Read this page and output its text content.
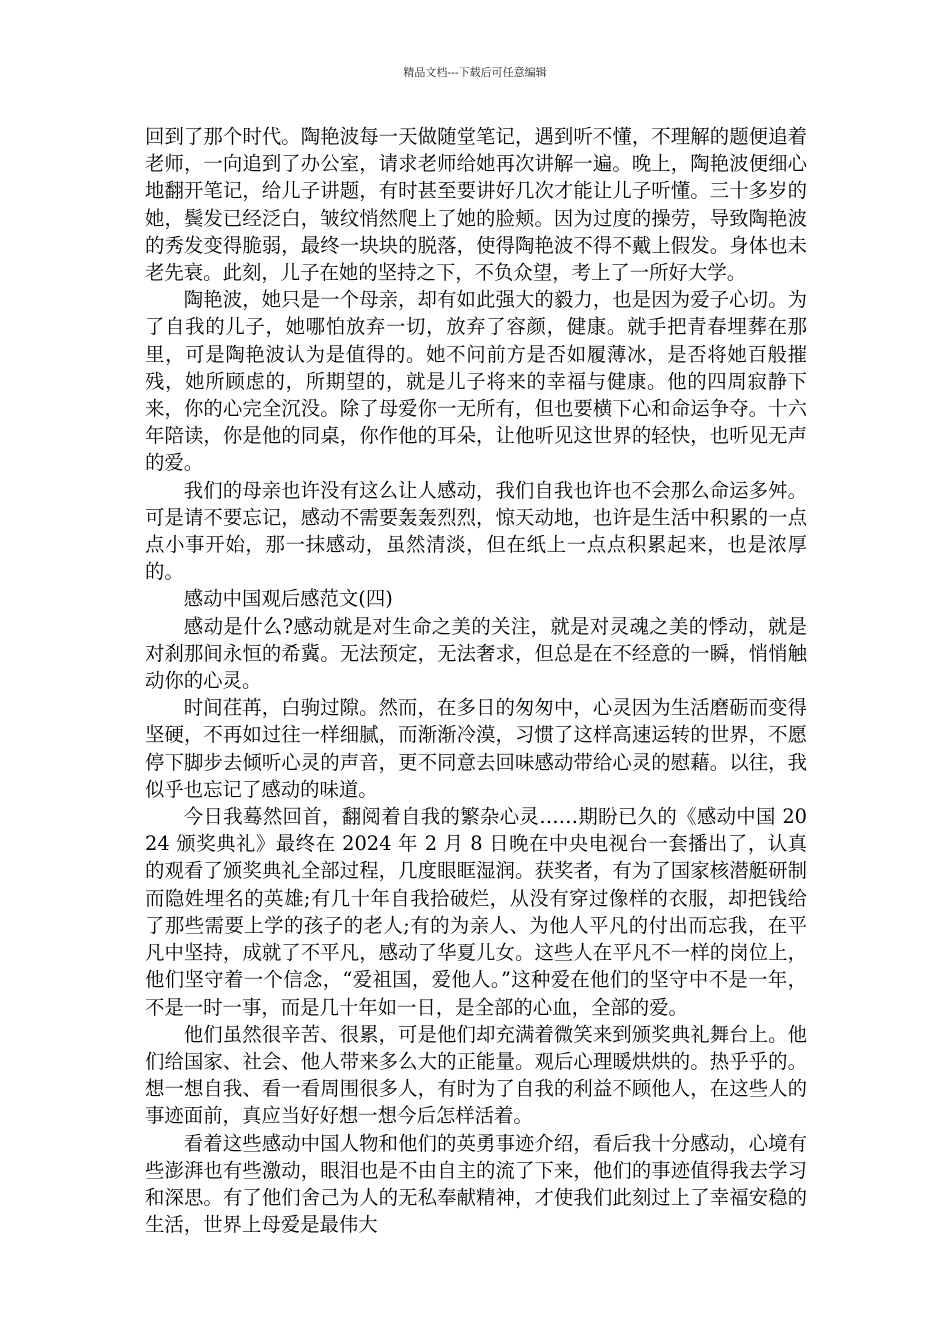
精品文档---下载后可任意编辑

回到了那个时代。陶艳波每一天做随堂笔记，遇到听不懂，不理解的题便追着老师，一向追到了办公室，请求老师给她再次讲解一遍。晚上，陶艳波便细心地翻开笔记，给儿子讲题，有时甚至要讲好几次才能让儿子听懂。三十多岁的她，鬓发已经泛白，皱纹悄然爬上了她的脸颊。因为过度的操劳，导致陶艳波的秀发变得脆弱，最终一块块的脱落，使得陶艳波不得不戴上假发。身体也未老先衰。此刻，儿子在她的坚持之下，不负众望，考上了一所好大学。

陶艳波，她只是一个母亲，却有如此强大的毅力，也是因为爱子心切。为了自我的儿子，她哪怕放弃一切，放弃了容颜，健康。就手把青春埋葬在那里，可是陶艳波认为是值得的。她不问前方是否如履薄冰，是否将她百般摧残，她所顾虑的，所期望的，就是儿子将来的幸福与健康。他的四周寂静下来，你的心完全沉没。除了母爱你一无所有，但也要横下心和命运争夺。十六年陪读，你是他的同桌，你作他的耳朵，让他听见这世界的轻快，也听见无声的爱。

我们的母亲也许没有这么让人感动，我们自我也许也不会那么命运多舛。可是请不要忘记，感动不需要轰轰烈烈，惊天动地，也许是生活中积累的一点点小事开始，那一抹感动，虽然清淡，但在纸上一点点积累起来，也是浓厚的。

感动中国观后感范文(四)

感动是什么?感动就是对生命之美的关注，就是对灵魂之美的悸动，就是对刹那间永恒的希冀。无法预定，无法奢求，但总是在不经意的一瞬，悄悄触动你的心灵。

时间荏苒，白驹过隙。然而，在多日的匆匆中，心灵因为生活磨砺而变得坚硬，不再如过往一样细腻，而渐渐冷漠，习惯了这样高速运转的世界，不愿停下脚步去倾听心灵的声音，更不同意去回味感动带给心灵的慰藉。以往，我似乎也忘记了感动的味道。

今日我蓦然回首，翻阅着自我的繁杂心灵……期盼已久的《感动中国 2024 颁奖典礼》最终在 2024 年 2 月 8 日晚在中央电视台一套播出了，认真的观看了颁奖典礼全部过程，几度眼眶湿润。获奖者，有为了国家核潜艇研制而隐姓埋名的英雄;有几十年自我拾破烂，从没有穿过像样的衣服，却把钱给了那些需要上学的孩子的老人;有的为亲人、为他人平凡的付出而忘我，在平凡中坚持，成就了不平凡，感动了华夏儿女。这些人在平凡不一样的岗位上，他们坚守着一个信念，“爱祖国，爱他人。”这种爱在他们的坚守中不是一年，不是一时一事，而是几十年如一日，是全部的心血，全部的爱。

他们虽然很辛苦、很累，可是他们却充满着微笑来到颁奖典礼舞台上。他们给国家、社会、他人带来多么大的正能量。观后心理暖烘烘的。热乎乎的。想一想自我、看一看周围很多人，有时为了自我的利益不顾他人，在这些人的事迹面前，真应当好好想一想今后怎样活着。

看着这些感动中国人物和他们的英勇事迹介绍，看后我十分感动，心境有些澎湃也有些激动，眼泪也是不由自主的流了下来，他们的事迹值得我去学习和深思。有了他们舍己为人的无私奉献精神，才使我们此刻过上了幸福安稳的生活，世界上母爱是最伟大
